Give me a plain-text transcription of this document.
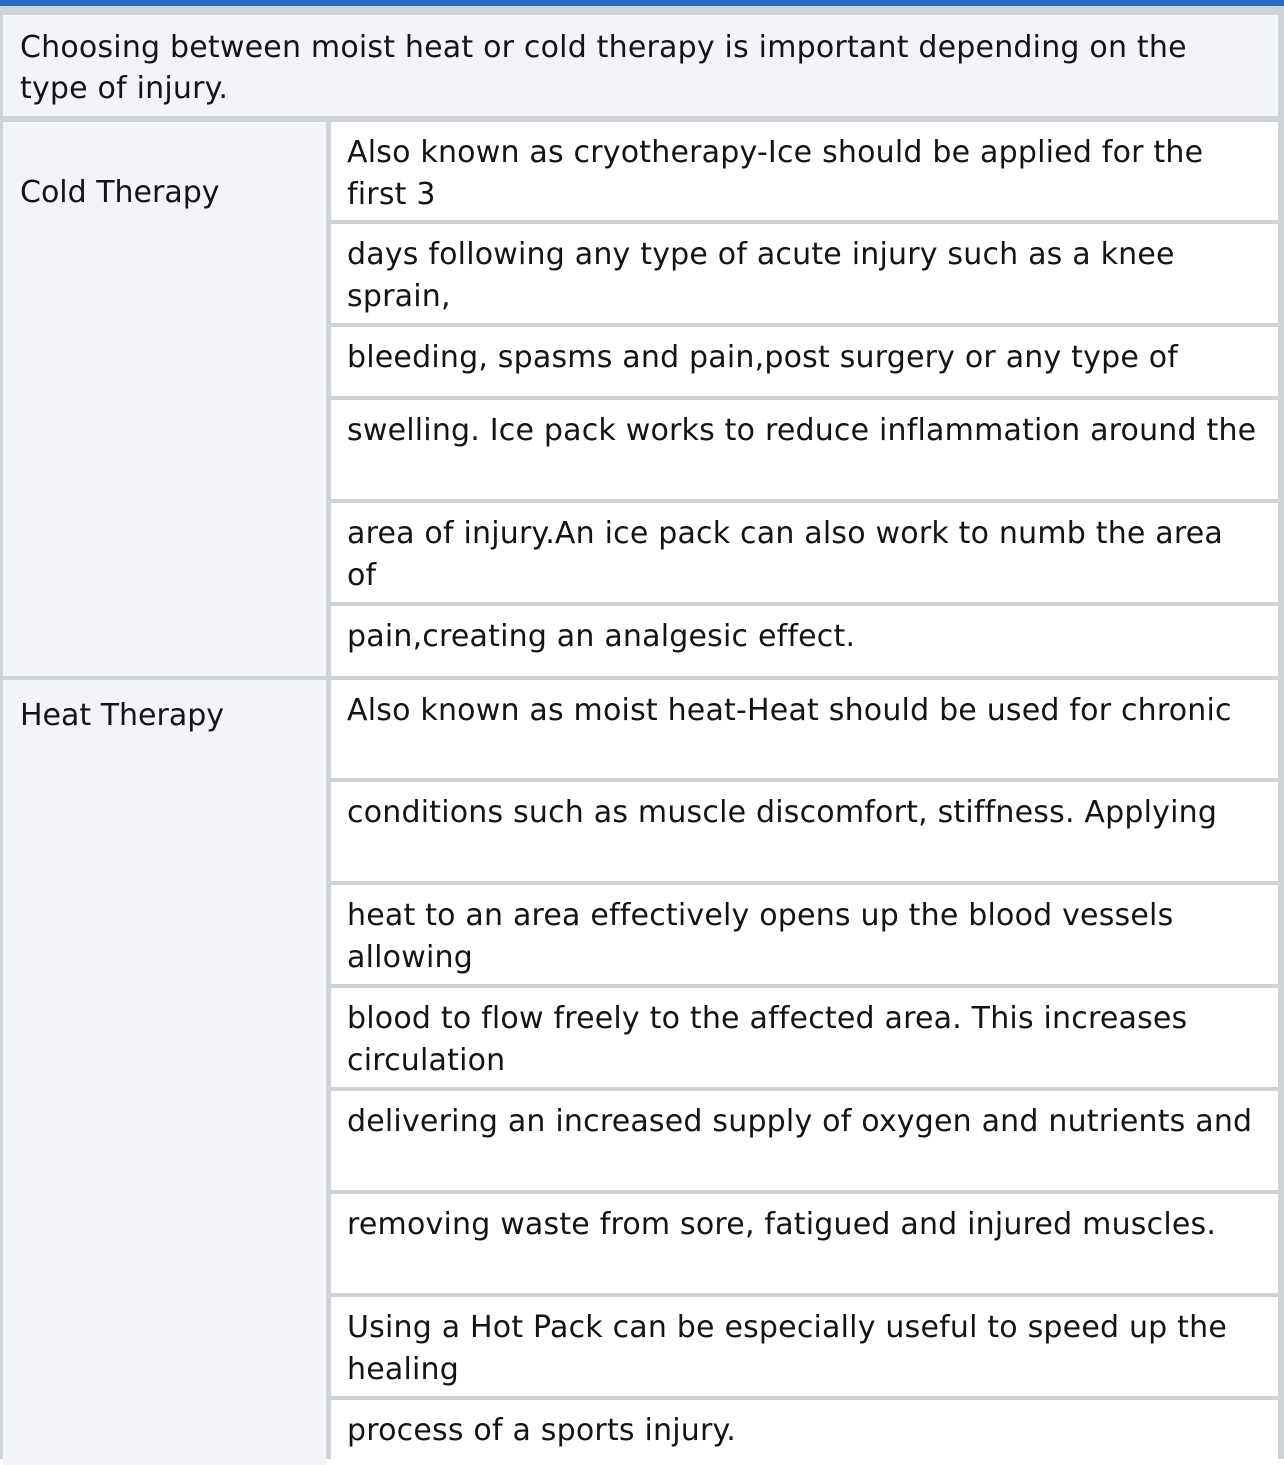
Choosing between moist heat or cold therapy is important depending on the type of injury.
Cold Therapy
Also known as cryotherapy-Ice should be applied for the first 3
days following any type of acute injury such as a knee sprain,
bleeding, spasms and pain,post surgery or any type of
swelling. Ice pack works to reduce inflammation around the
area of injury.An ice pack can also work to numb the area of
pain,creating an analgesic effect.
Heat Therapy	Also known as moist heat-Heat should be used for chronic
conditions such as muscle discomfort, stiffness. Applying
heat to an area effectively opens up the blood vessels allowing
blood to flow freely to the affected area. This increases circulation
delivering an increased supply of oxygen and nutrients and
removing waste from sore, fatigued and injured muscles.
Using a Hot Pack can be especially useful to speed up the healing
process of a sports injury.
